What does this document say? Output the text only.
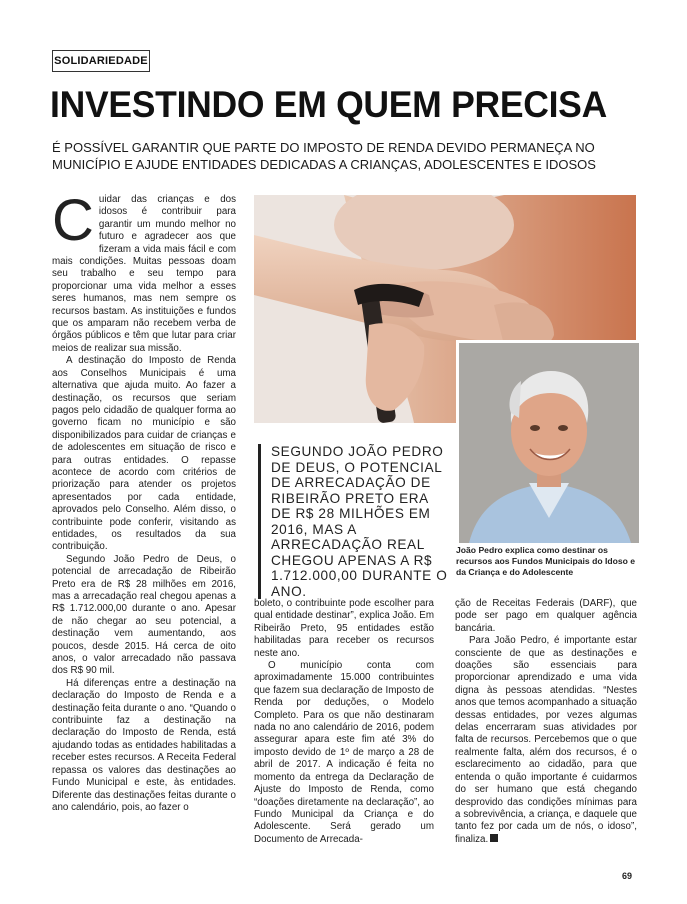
SOLIDARIEDADE
INVESTINDO EM QUEM PRECISA

É POSSÍVEL GARANTIR QUE PARTE DO IMPOSTO DE RENDA DEVIDO PERMANEÇA NO MUNICÍPIO E AJUDE ENTIDADES DEDICADAS A CRIANÇAS, ADOLESCENTES E IDOSOS

Cuidar das crianças e dos idosos é contribuir para garantir um mundo melhor no futuro e agradecer aos que fizeram a vida mais fácil e com mais condições. Muitas pessoas doam seu trabalho e seu tempo para proporcionar uma vida melhor a esses seres humanos, mas nem sempre os recursos bastam. As instituições e fundos que os amparam não recebem verba de órgãos públicos e têm que lutar para criar meios de realizar sua missão.

A destinação do Imposto de Renda aos Conselhos Municipais é uma alternativa que ajuda muito. Ao fazer a destinação, os recursos que seriam pagos pelo cidadão de qualquer forma ao governo ficam no município e são disponibilizados para cuidar de crianças e de adolescentes em situação de risco e para outras entidades. O repasse acontece de acordo com critérios de priorização para atender os projetos apresentados por cada entidade, aprovados pelo Conselho. Além disso, o contribuinte pode conferir, visitando as entidades, os resultados da sua contribuição.

Segundo João Pedro de Deus, o potencial de arrecadação de Ribeirão Preto era de R$ 28 milhões em 2016, mas a arrecadação real chegou apenas a R$ 1.712.000,00 durante o ano. Apesar de não chegar ao seu potencial, a destinação vem aumentando, aos poucos, desde 2015. Há cerca de oito anos, o valor arrecadado não passava dos R$ 90 mil.

Há diferenças entre a destinação na declaração do Imposto de Renda e a destinação feita durante o ano. “Quando o contribuinte faz a destinação na declaração do Imposto de Renda, está ajudando todas as entidades habilitadas a receber estes recursos. A Receita Federal repassa os valores das destinações ao Fundo Municipal e este, às entidades. Diferente das destinações feitas durante o ano calendário, pois, ao fazer o

SEGUNDO JOÃO PEDRO DE DEUS, O POTENCIAL DE ARRECADAÇÃO DE RIBEIRÃO PRETO ERA DE R$ 28 MILHÕES EM 2016, MAS A ARRECADAÇÃO REAL CHEGOU APENAS A R$ 1.712.000,00 DURANTE O ANO.
João Pedro explica como destinar os recursos aos Fundos Municipais do Idoso e da Criança e do Adolescente

boleto, o contribuinte pode escolher para qual entidade destinar”, explica João. Em Ribeirão Preto, 95 entidades estão habilitadas para receber os recursos neste ano.

O município conta com aproximadamente 15.000 contribuintes que fazem sua declaração de Imposto de Renda por deduções, o Modelo Completo. Para os que não destinaram nada no ano calendário de 2016, podem assegurar apara este fim até 3% do imposto devido de 1º de março a 28 de abril de 2017. A indicação é feita no momento da entrega da Declaração de Ajuste do Imposto de Renda, como “doações diretamente na declaração”, ao Fundo Municipal da Criança e do Adolescente. Será gerado um Documento de Arrecada-

ção de Receitas Federais (DARF), que pode ser pago em qualquer agência bancária.

Para João Pedro, é importante estar consciente de que as destinações e doações são essenciais para proporcionar aprendizado e uma vida digna às pessoas atendidas. “Nestes anos que temos acompanhado a situação dessas entidades, por vezes algumas delas encerraram suas atividades por falta de recursos. Percebemos que o que realmente falta, além dos recursos, é o esclarecimento ao cidadão, para que entenda o quão importante é cuidarmos do ser humano que está chegando desprovido das condições mínimas para a sobrevivência, a criança, e daquele que tanto fez por cada um de nós, o idoso”, finaliza.

69
